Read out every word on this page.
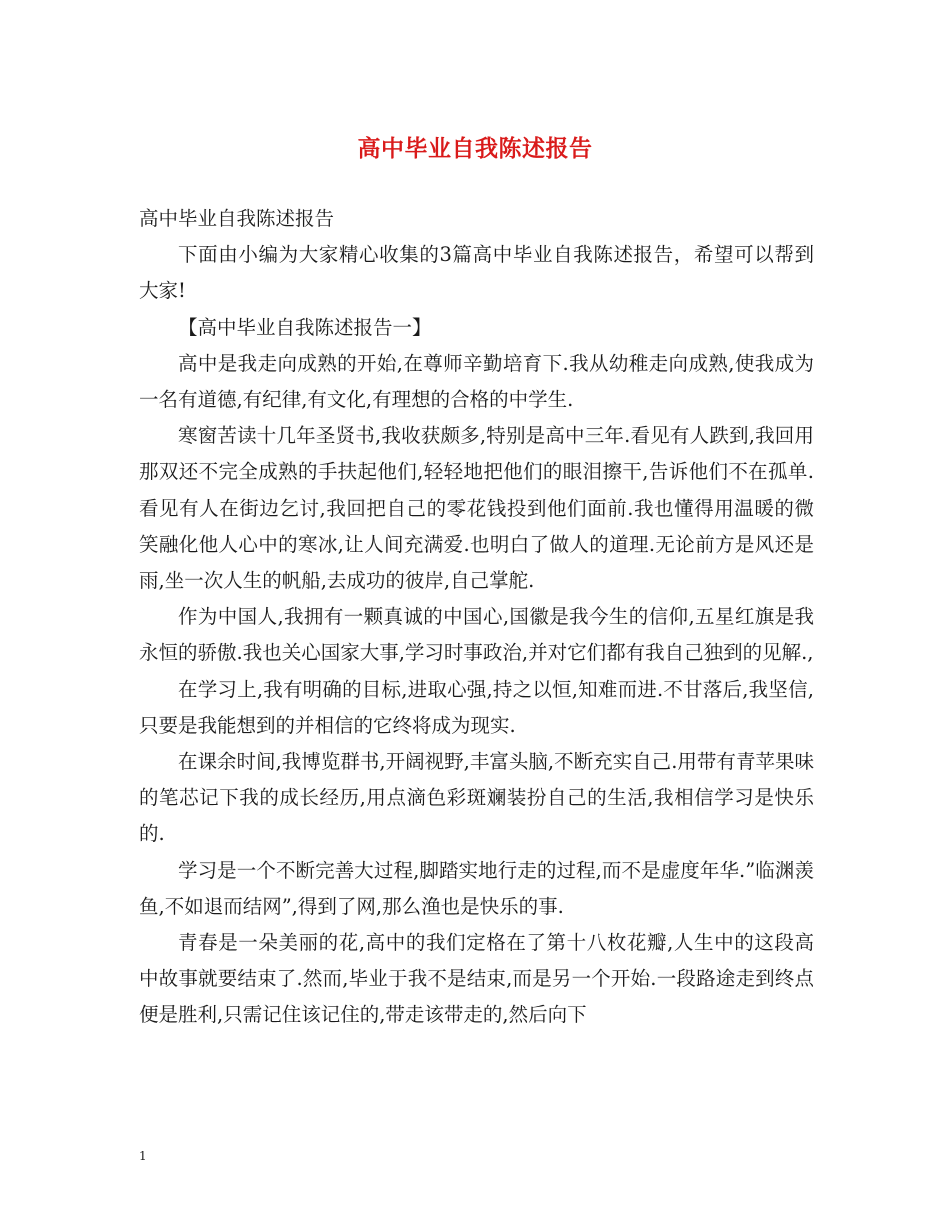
高中毕业自我陈述报告

高中毕业自我陈述报告

下面由小编为大家精心收集的3篇高中毕业自我陈述报告，希望可以帮到大家!

【高中毕业自我陈述报告一】

高中是我走向成熟的开始,在尊师辛勤培育下.我从幼稚走向成熟,使我成为一名有道德,有纪律,有文化,有理想的合格的中学生.

寒窗苦读十几年圣贤书,我收获颇多,特别是高中三年.看见有人跌到,我回用那双还不完全成熟的手扶起他们,轻轻地把他们的眼泪擦干,告诉他们不在孤单.看见有人在街边乞讨,我回把自己的零花钱投到他们面前.我也懂得用温暖的微笑融化他人心中的寒冰,让人间充满爱.也明白了做人的道理.无论前方是风还是雨,坐一次人生的帆船,去成功的彼岸,自己掌舵.

作为中国人,我拥有一颗真诚的中国心,国徽是我今生的信仰,五星红旗是我永恒的骄傲.我也关心国家大事,学习时事政治,并对它们都有我自己独到的见解.,

在学习上,我有明确的目标,进取心强,持之以恒,知难而进.不甘落后,我坚信,只要是我能想到的并相信的它终将成为现实.

在课余时间,我博览群书,开阔视野,丰富头脑,不断充实自己.用带有青苹果味的笔芯记下我的成长经历,用点滴色彩斑斓装扮自己的生活,我相信学习是快乐的.

学习是一个不断完善大过程,脚踏实地行走的过程,而不是虚度年华.”临渊羡鱼,不如退而结网”,得到了网,那么渔也是快乐的事.

青春是一朵美丽的花,高中的我们定格在了第十八枚花瓣,人生中的这段高中故事就要结束了.然而,毕业于我不是结束,而是另一个开始.一段路途走到终点便是胜利,只需记住该记住的,带走该带走的,然后向下

1
